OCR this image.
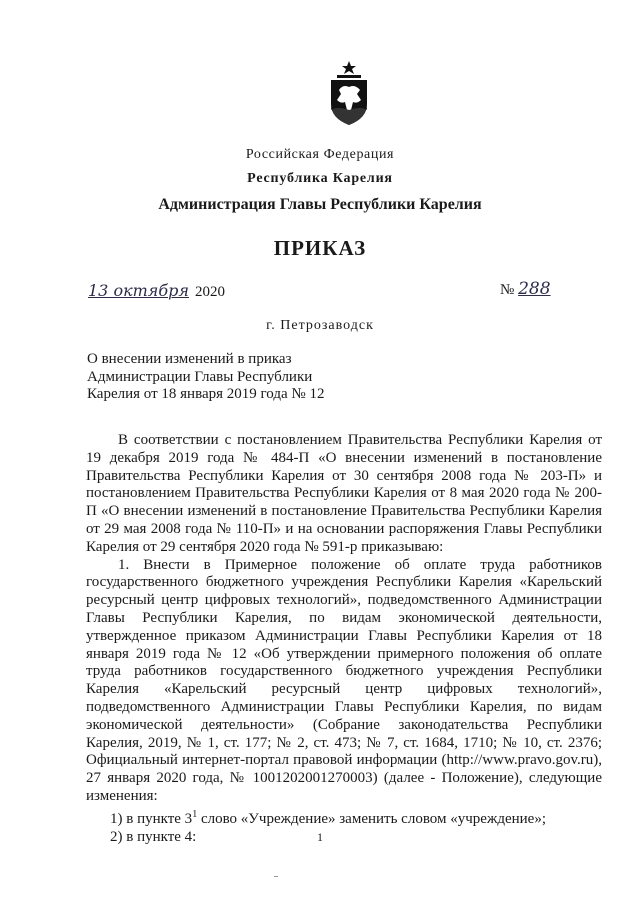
Российская Федерация
Республика Карелия
Администрация Главы Республики Карелия
ПРИКАЗ
13 октября 2020	№ 288
г. Петрозаводск
О внесении изменений в приказ
Администрации Главы Республики
Карелия от 18 января 2019 года № 12

В соответствии с постановлением Правительства Республики Карелия от 19 декабря 2019 года № 484-П «О внесении изменений в постановление Правительства Республики Карелия от 30 сентября 2008 года № 203-П» и постановлением Правительства Республики Карелия от 8 мая 2020 года № 200-П «О внесении изменений в постановление Правительства Республики Карелия от 29 мая 2008 года № 110-П» и на основании распоряжения Главы Республики Карелия от 29 сентября 2020 года № 591-р приказываю:

1. Внести в Примерное положение об оплате труда работников государственного бюджетного учреждения Республики Карелия «Карельский ресурсный центр цифровых технологий», подведомственного Администрации Главы Республики Карелия, по видам экономической деятельности, утвержденное приказом Администрации Главы Республики Карелия от 18 января 2019 года № 12 «Об утверждении примерного положения об оплате труда работников государственного бюджетного учреждения Республики Карелия «Карельский ресурсный центр цифровых технологий», подведомственного Администрации Главы Республики Карелия, по видам экономической деятельности» (Собрание законодательства Республики Карелия, 2019, № 1, ст. 177; № 2, ст. 473; № 7, ст. 1684, 1710; № 10, ст. 2376; Официальный интернет-портал правовой информации (http://www.pravo.gov.ru), 27 января 2020 года, № 1001202001270003) (далее - Положение), следующие изменения:

1) в пункте $3^1$ слово «Учреждение» заменить словом «учреждение»;

2) в пункте 4:	1
